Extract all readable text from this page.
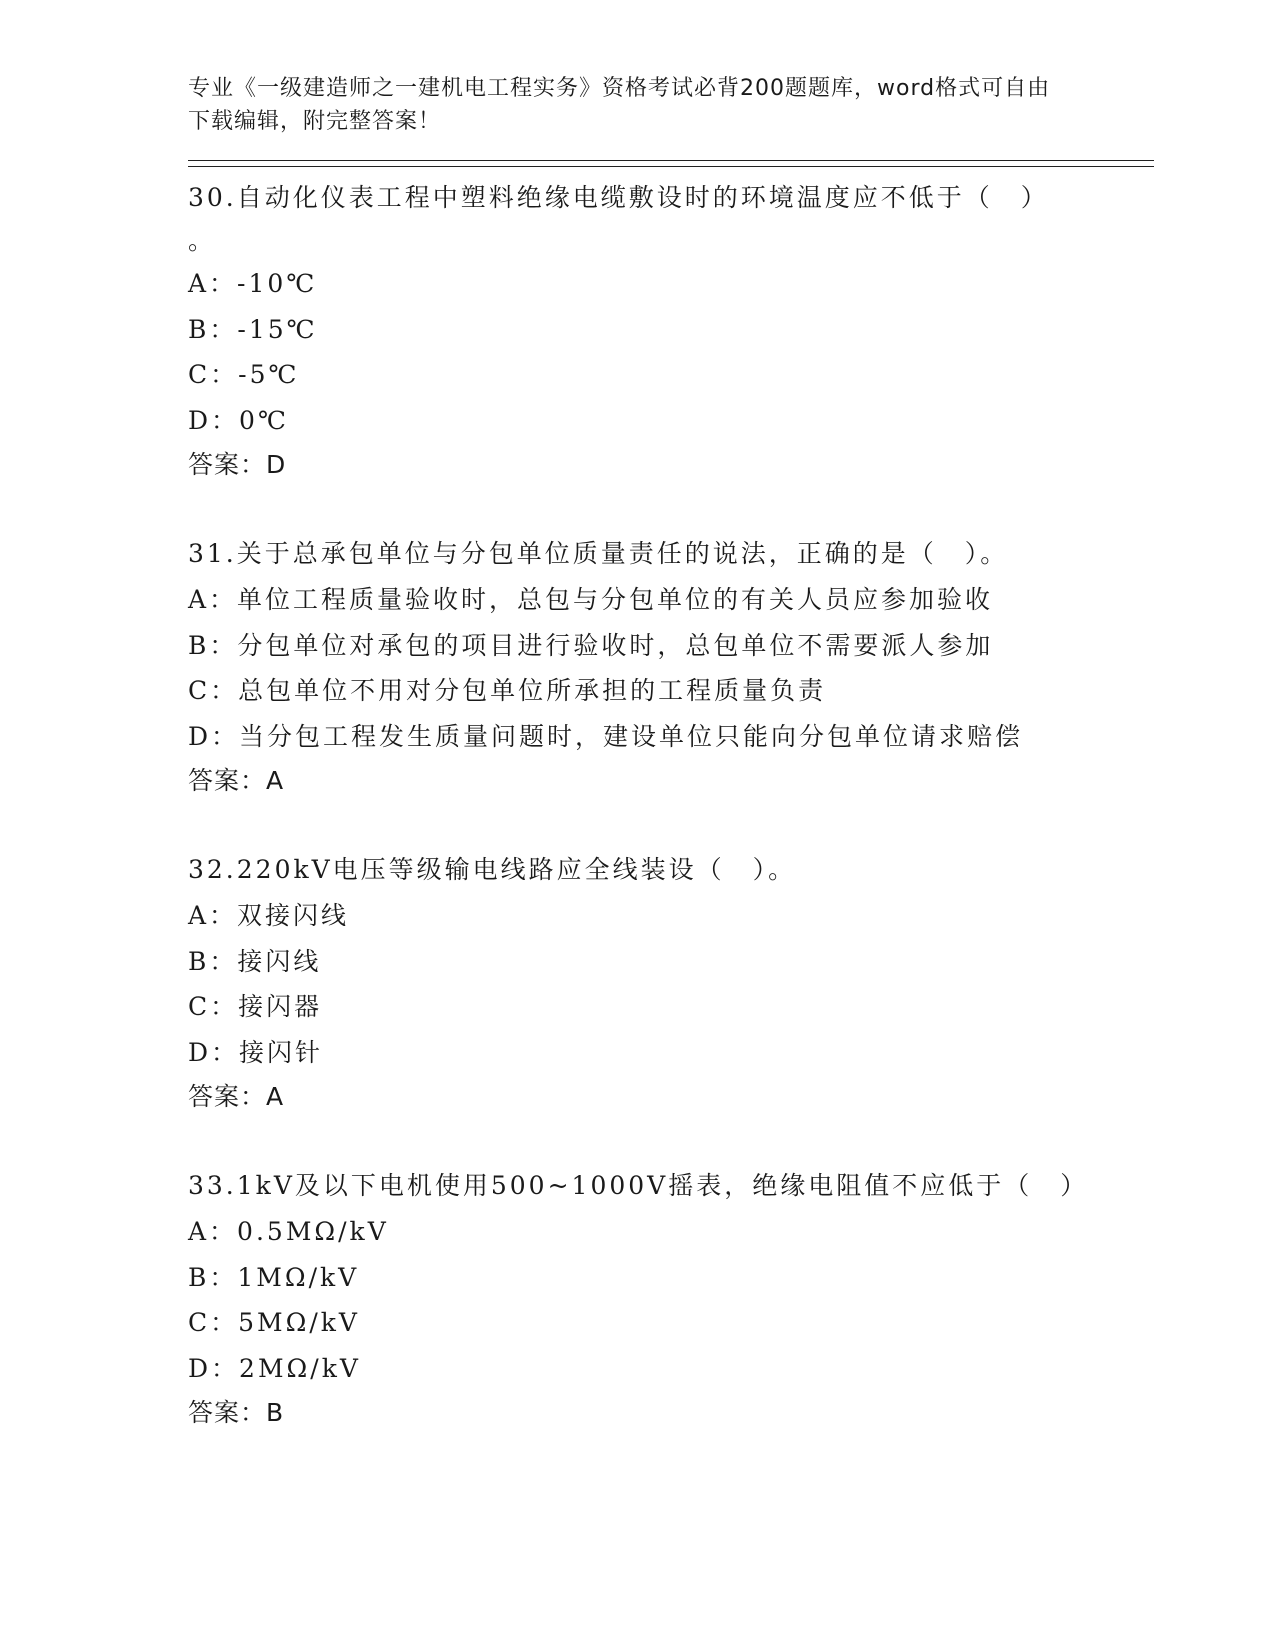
专业《一级建造师之一建机电工程实务》资格考试必背200题题库，word格式可自由下载编辑，附完整答案！

30.自动化仪表工程中塑料绝缘电缆敷设时的环境温度应不低于（　）

。

A：-10℃
B：-15℃
C：-5℃
D：0℃
答案：D

31.关于总承包单位与分包单位质量责任的说法，正确的是（　）。

A：单位工程质量验收时，总包与分包单位的有关人员应参加验收
B：分包单位对承包的项目进行验收时，总包单位不需要派人参加
C：总包单位不用对分包单位所承担的工程质量负责
D：当分包工程发生质量问题时，建设单位只能向分包单位请求赔偿
答案：A

32.220kV电压等级输电线路应全线装设（　）。

A：双接闪线
B：接闪线
C：接闪器
D：接闪针
答案：A

33.1kV及以下电机使用500~1000V摇表，绝缘电阻值不应低于（　）

A：0.5MΩ/kV
B：1MΩ/kV
C：5MΩ/kV
D：2MΩ/kV
答案：B
